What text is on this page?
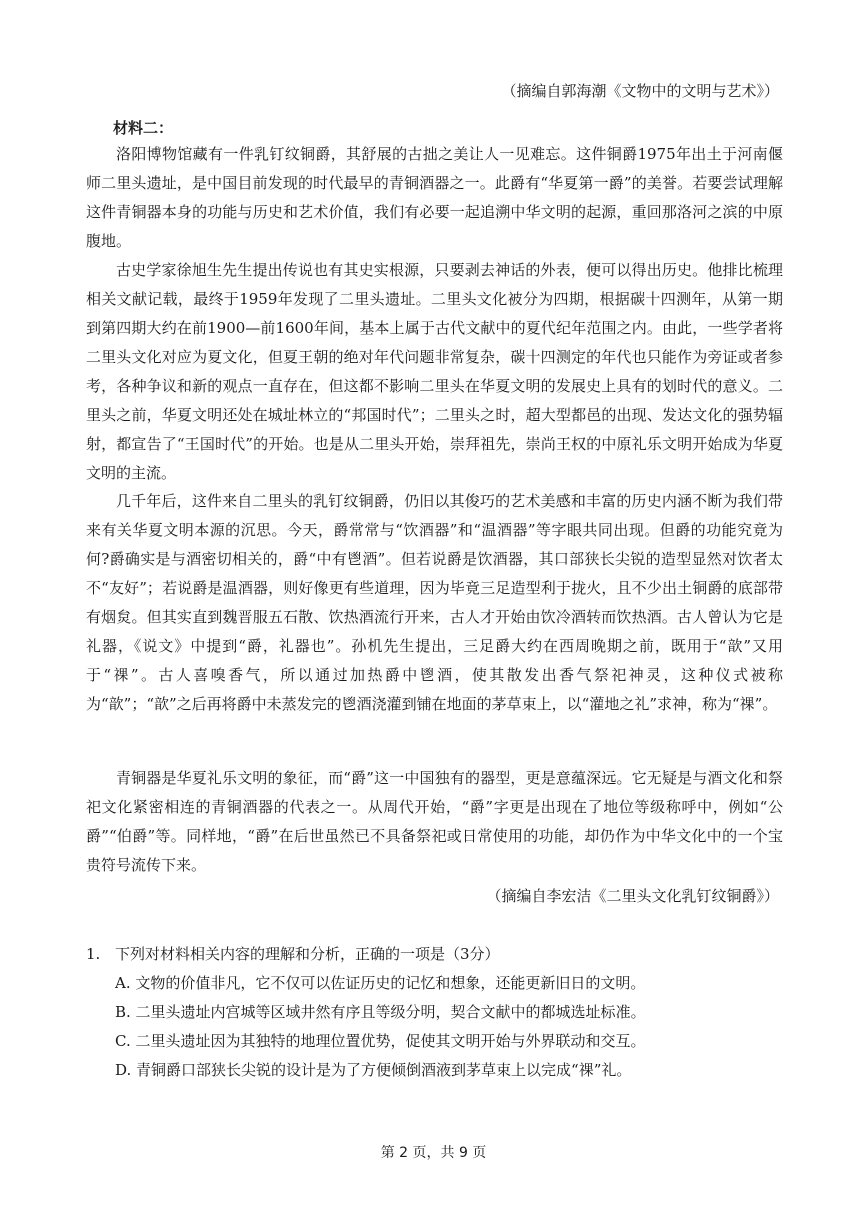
（摘编自郭海潮《文物中的文明与艺术》）
材料二：

洛阳博物馆藏有一件乳钉纹铜爵，其舒展的古拙之美让人一见难忘。这件铜爵1975年出土于河南偃师二里头遗址，是中国目前发现的时代最早的青铜酒器之一。此爵有“华夏第一爵”的美誉。若要尝试理解这件青铜器本身的功能与历史和艺术价值，我们有必要一起追溯中华文明的起源，重回那洛河之滨的中原腹地。

古史学家徐旭生先生提出传说也有其史实根源，只要剥去神话的外表，便可以得出历史。他排比梳理相关文献记载，最终于1959年发现了二里头遗址。二里头文化被分为四期，根据碳十四测年，从第一期到第四期大约在前1900—前1600年间，基本上属于古代文献中的夏代纪年范围之内。由此，一些学者将二里头文化对应为夏文化，但夏王朝的绝对年代问题非常复杂，碳十四测定的年代也只能作为旁证或者参考，各种争议和新的观点一直存在，但这都不影响二里头在华夏文明的发展史上具有的划时代的意义。二里头之前，华夏文明还处在城址林立的“邦国时代”；二里头之时，超大型都邑的出现、发达文化的强势辐射，都宣告了“王国时代”的开始。也是从二里头开始，崇拜祖先，崇尚王权的中原礼乐文明开始成为华夏文明的主流。

几千年后，这件来自二里头的乳钉纹铜爵，仍旧以其俊巧的艺术美感和丰富的历史内涵不断为我们带来有关华夏文明本源的沉思。今天，爵常常与“饮酒器”和“温酒器”等字眼共同出现。但爵的功能究竟为何?爵确实是与酒密切相关的，爵“中有鬯酒”。但若说爵是饮酒器，其口部狭长尖锐的造型显然对饮者太不“友好”；若说爵是温酒器，则好像更有些道理，因为毕竟三足造型利于拢火，且不少出土铜爵的底部带有烟炱。但其实直到魏晋服五石散、饮热酒流行开来，古人才开始由饮冷酒转而饮热酒。古人曾认为它是礼器，《说文》中提到“爵，礼器也”。孙机先生提出，三足爵大约在西周晚期之前，既用于“歆”又用于“祼”。古人喜嗅香气，所以通过加热爵中鬯酒，使其散发出香气祭祀神灵，这种仪式被称为“歆”；“歆”之后再将爵中未蒸发完的鬯酒浇灌到铺在地面的茅草束上，以“灌地之礼”求神，称为“祼”。

青铜器是华夏礼乐文明的象征，而“爵”这一中国独有的器型，更是意蕴深远。它无疑是与酒文化和祭祀文化紧密相连的青铜酒器的代表之一。从周代开始，“爵”字更是出现在了地位等级称呼中，例如“公爵”“伯爵”等。同样地，“爵”在后世虽然已不具备祭祀或日常使用的功能，却仍作为中华文化中的一个宝贵符号流传下来。

（摘编自李宏洁《二里头文化乳钉纹铜爵》）
1. 下列对材料相关内容的理解和分析，正确的一项是（3分）
A. 文物的价值非凡，它不仅可以佐证历史的记忆和想象，还能更新旧日的文明。
B. 二里头遗址内宫城等区域井然有序且等级分明，契合文献中的都城选址标准。
C. 二里头遗址因为其独特的地理位置优势，促使其文明开始与外界联动和交互。
D. 青铜爵口部狭长尖锐的设计是为了方便倾倒酒液到茅草束上以完成“祼”礼。
第 2 页，共 9 页
